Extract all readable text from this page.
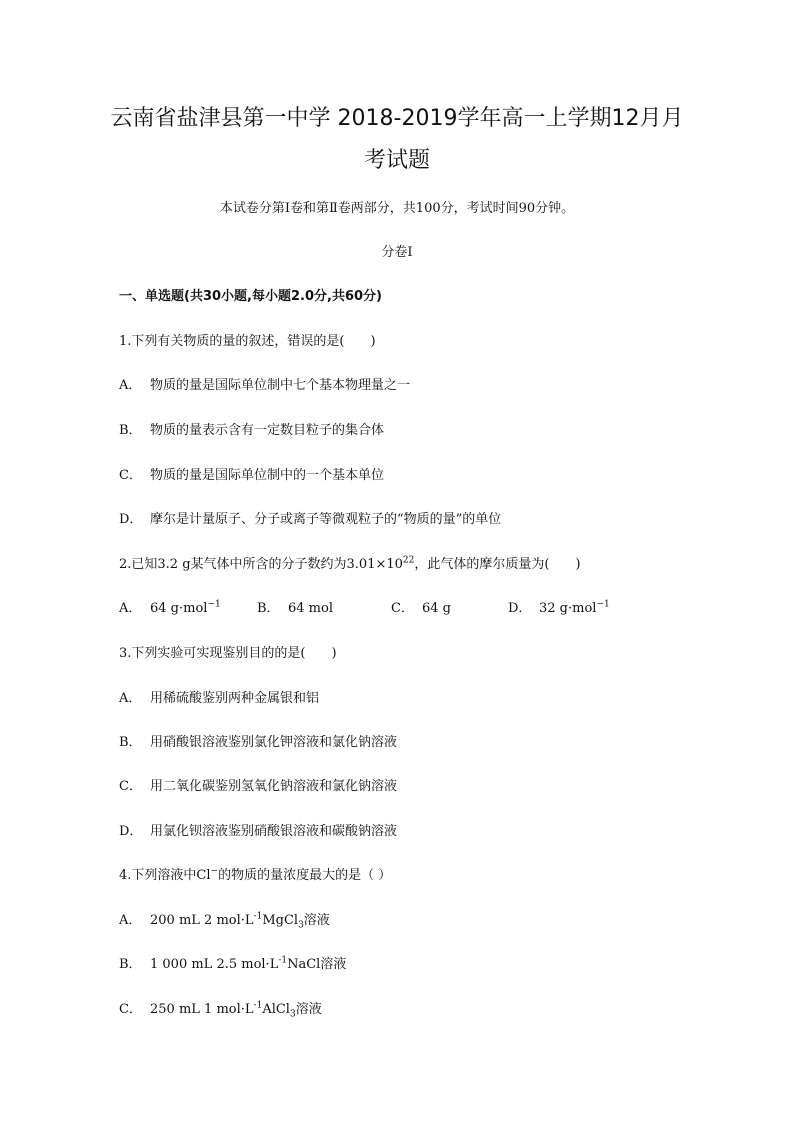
云南省盐津县第一中学 2018-2019学年高一上学期12月月
考试题
本试卷分第Ⅰ卷和第Ⅱ卷两部分，共100分，考试时间90分钟。
分卷I
一、单选题(共30小题,每小题2.0分,共60分)
1.下列有关物质的量的叙述，错误的是(　　)
A． 物质的量是国际单位制中七个基本物理量之一
B． 物质的量表示含有一定数目粒子的集合体
C． 物质的量是国际单位制中的一个基本单位
D． 摩尔是计量原子、分子或离子等微观粒子的“物质的量”的单位
2.已知3.2 g某气体中所含的分子数约为$3.01\times 10^{22}$，此气体的摩尔质量为(　　)
A． 64 g·mol$^{-1}$	B． 64 mol	C． 64 g	D． 32 g·mol$^{-1}$
3.下列实验可实现鉴别目的的是(　　)
A． 用稀硫酸鉴别两种金属银和铝
B． 用硝酸银溶液鉴别氯化钾溶液和氯化钠溶液
C． 用二氧化碳鉴别氢氧化钠溶液和氯化钠溶液
D． 用氯化钡溶液鉴别硝酸银溶液和碳酸钠溶液
4.下列溶液中Cl−的物质的量浓度最大的是（ ）
A． 200 mL 2 $mol\cdot L^{-1}MgCl_3$溶液
B． 1 000 mL 2.5 $mol\cdot L^{-1}NaCl$溶液
C． 250 mL 1 $mol\cdot L^{-1}AlCl_3$溶液
